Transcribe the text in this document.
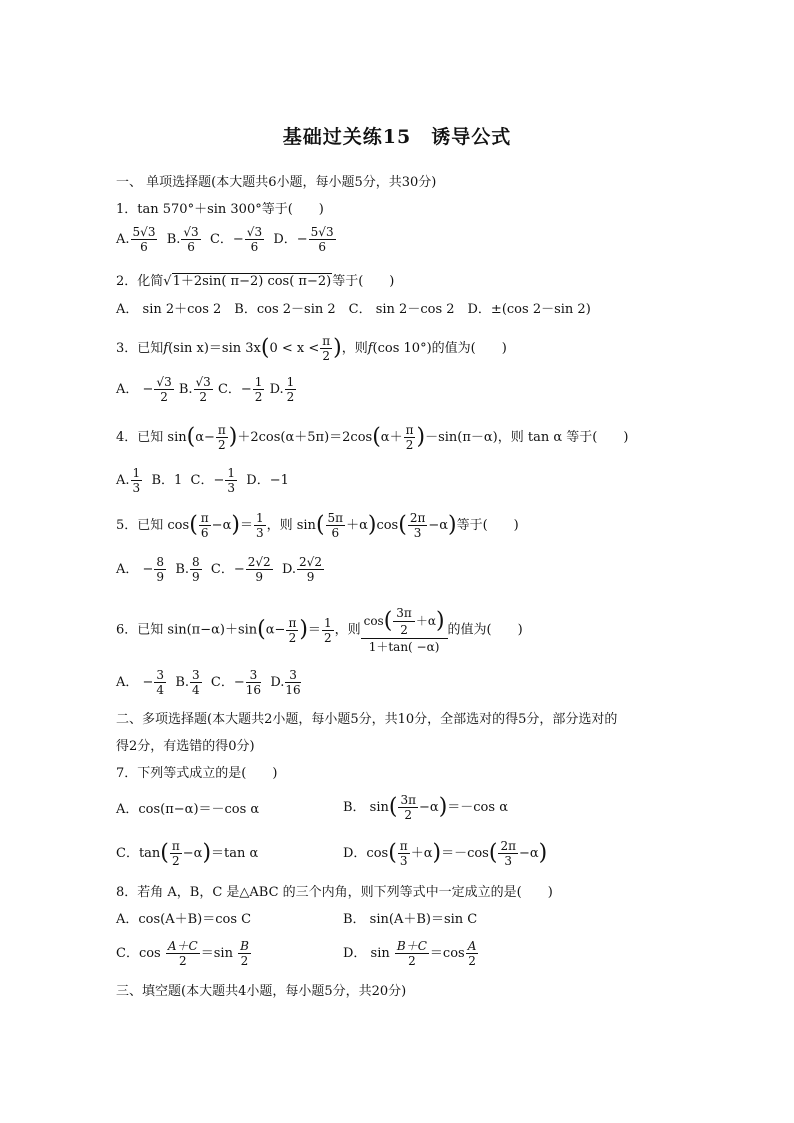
基础过关练15　诱导公式
一、 单项选择题(本大题共6小题，每小题5分，共30分)
1．tan 570°＋sin 300°等于(　　)
A. $\frac{5√3}{6} B$. $\frac{√3}{6}$ C．− $\frac{√3}{6}$ D．− $\frac{5√3}{6}$
2．化简√1＋2sin( π−2) cos( π−2)等于(　　)
A． sin 2＋cos 2　B．cos 2－sin 2　C． sin 2－cos 2　D．±(cos 2－sin 2)
3．已知f(sin x)＝sin $3x(0 < x < \frac{\pi}{2}$ )，则f(cos 10°)的值为(　　)
A． − $\frac{√3}{2} B$. $\frac{√3}{2}$ C．− $\frac{1}{2} D$. $\frac{1}{2}$
4．已知 $\sin(\alpha- \frac{\pi}{2} )+2\cos(\alpha+5\pi)=2\cos(\alpha+ \frac{\pi}{2} )-\sin(\pi-\alpha)$，则 tan α 等于(　　)
A. $\frac{1}{3}$ B．1 C．− $\frac{1}{3}$ D．−1
5．已知 $\cos( \frac{\pi}{6} -\alpha)= \frac{1}{3}$ ，则 $\sin( \frac{5\pi}{6} +\alpha)\cos( \frac{2\pi}{3} -\alpha)$等于(　　)
A． − $\frac{8}{9} B$. $\frac{8}{9}$ C．− $\frac{2√2}{9} D$. $\frac{2√2}{9}$
6．已知 $\sin(\pi-\alpha)+\sin(\alpha- \frac{\pi}{2}$ )＝ $\frac{1}{2}$ ，则 $\frac{\cos( \frac{3\pi}{2} +\alpha)}{1+\tan( -\alpha)}$ 的值为(　　)
A． − $\frac{3}{4} B$. $\frac{3}{4}$ C．− $\frac{3}{16} D$. $\frac{3}{16}$
二、多项选择题(本大题共2小题，每小题5分，共10分，全部选对的得5分，部分选对的
得2分，有选错的得0分)
7．下列等式成立的是(　　)
A．cos(π−α)＝－cos α	B． $\sin( \frac{3\pi}{2} -\alpha)=-\cos$ α
C．$\tan( \frac{\pi}{2} -\alpha)=\tan$ α	D．$\cos( \frac{\pi}{3} +\alpha)=-\cos( \frac{2\pi}{3} -\alpha)$
8．若角 A，B，C 是△ABC 的三个内角，则下列等式中一定成立的是(　　)
A．cos(A＋B)＝cos C	B． sin(A＋B)＝sin C
C．$\cos \frac{A+C}{2} =\sin \frac{B}{2}$	D． $\sin \frac{B+C}{2} =\cos \frac{A}{2}$
三、填空题(本大题共4小题，每小题5分，共20分)
